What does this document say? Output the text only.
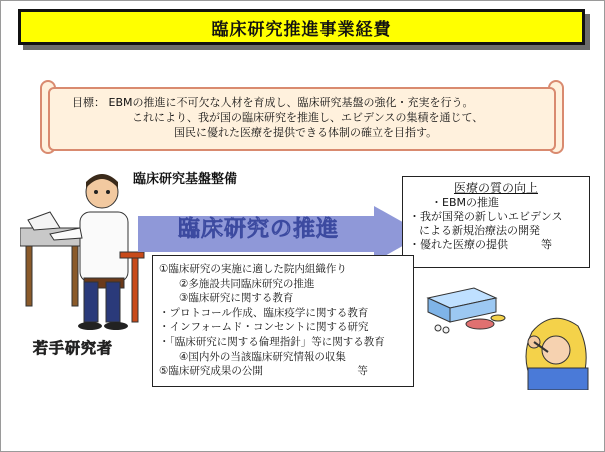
臨床研究推進事業経費
目標： EBMの推進に不可欠な人材を育成し、臨床研究基盤の強化・充実を行う。
これにより、我が国の臨床研究を推進し、エビデンスの集積を通じて、
国民に優れた医療を提供できる体制の確立を目指す。
臨床研究基盤整備
臨床研究の推進
医療の質の向上
・EBMの推進
・我が国発の新しいエビデンス
による新規治療法の開発
・優れた医療の提供　　　等
①臨床研究の実施に適した院内組織作り
②多施設共同臨床研究の推進
③臨床研究に関する教育
・プロトコール作成、臨床疫学に関する教育
・インフォームド・コンセントに関する研究
・「臨床研究に関する倫理指針」等に関する教育
④国内外の当該臨床研究情報の収集
⑤臨床研究成果の公開　　　　　　　　　等
若手研究者
